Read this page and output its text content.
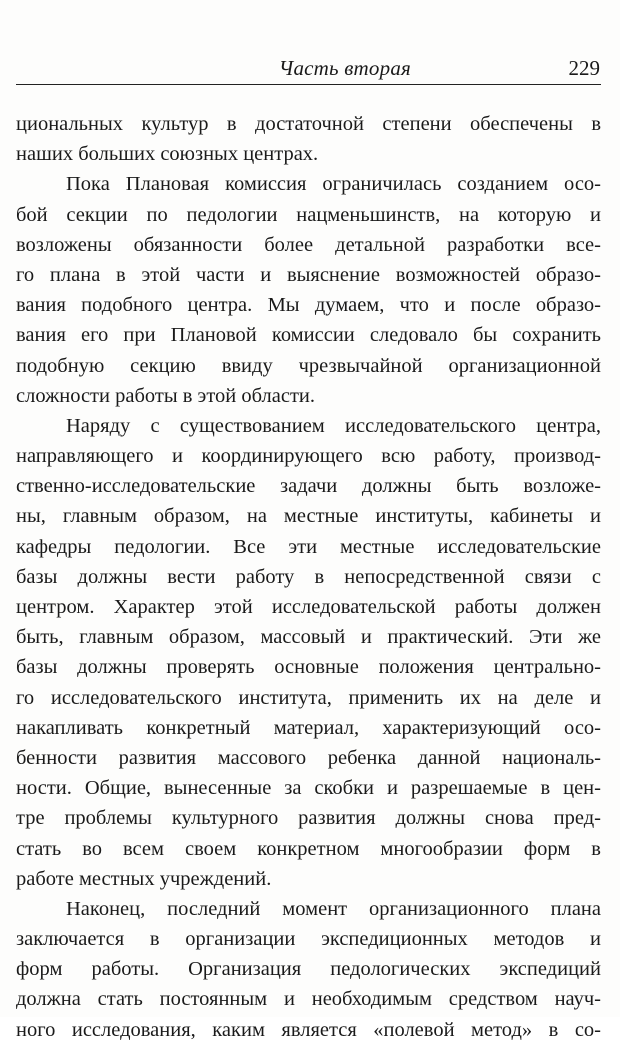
Часть вторая	229
циональных культур в достаточной степени обеспечены в
наших больших союзных центрах.
Пока Плановая комиссия ограничилась созданием осо-
бой секции по педологии нацменьшинств, на которую и
возложены обязанности более детальной разработки все-
го плана в этой части и выяснение возможностей образо-
вания подобного центра. Мы думаем, что и после образо-
вания его при Плановой комиссии следовало бы сохранить
подобную секцию ввиду чрезвычайной организационной
сложности работы в этой области.
Наряду с существованием исследовательского центра,
направляющего и координирующего всю работу, производ-
ственно-исследовательские задачи должны быть возложе-
ны, главным образом, на местные институты, кабинеты и
кафедры педологии. Все эти местные исследовательские
базы должны вести работу в непосредственной связи с
центром. Характер этой исследовательской работы должен
быть, главным образом, массовый и практический. Эти же
базы должны проверять основные положения центрально-
го исследовательского института, применить их на деле и
накапливать конкретный материал, характеризующий осо-
бенности развития массового ребенка данной националь-
ности. Общие, вынесенные за скобки и разрешаемые в цен-
тре проблемы культурного развития должны снова пред-
стать во всем своем конкретном многообразии форм в
работе местных учреждений.
Наконец, последний момент организационного плана
заключается в организации экспедиционных методов и
форм работы. Организация педологических экспедиций
должна стать постоянным и необходимым средством науч-
ного исследования, каким является «полевой метод» в со-
